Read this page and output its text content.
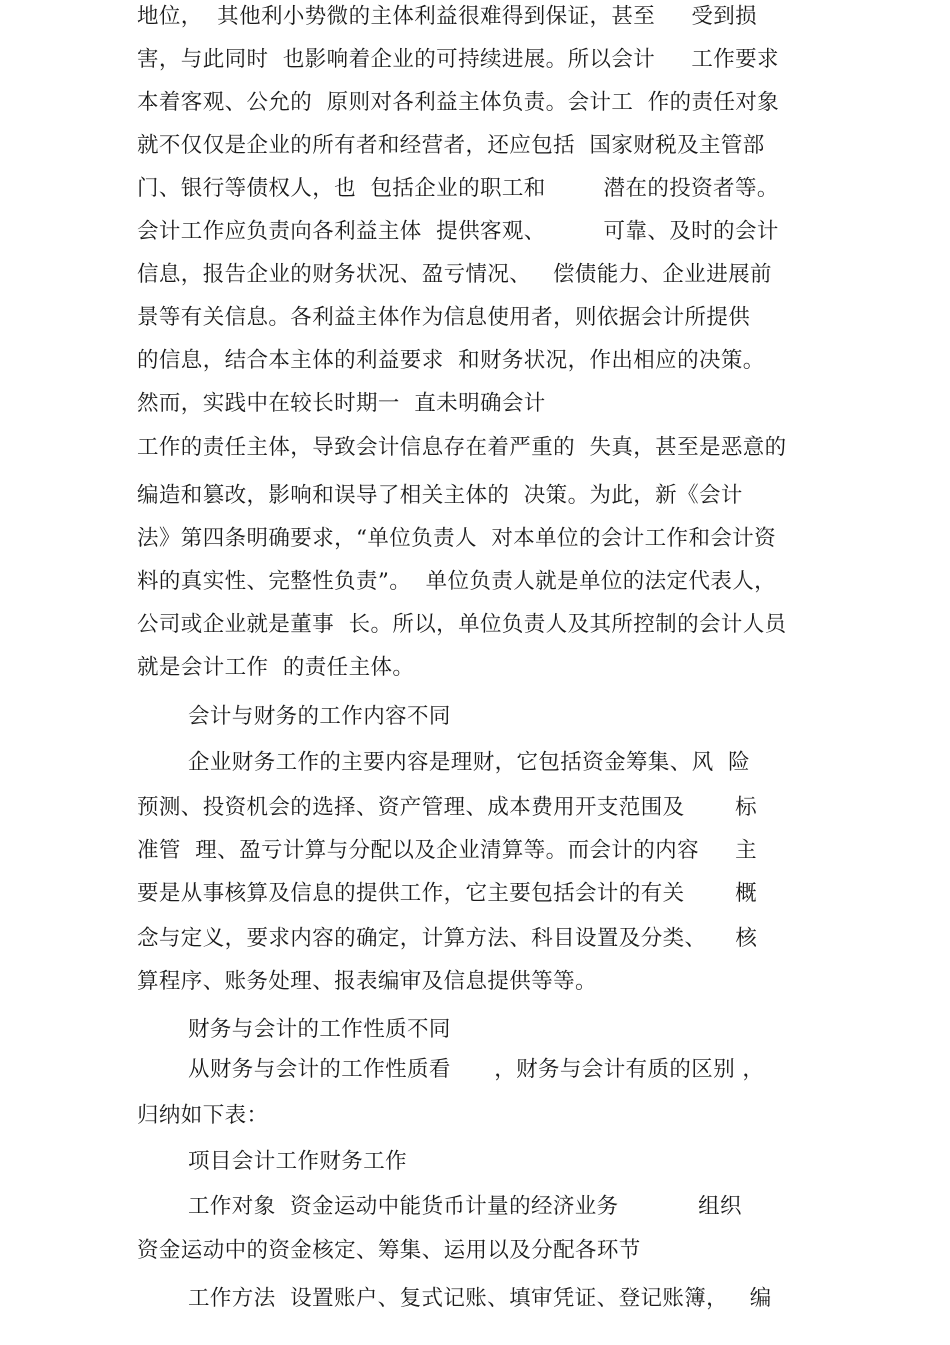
地位，  其他利小势微的主体利益很难得到保证，甚至     受到损
害，与此同时  也影响着企业的可持续进展。所以会计     工作要求
本着客观、公允的  原则对各利益主体负责。会计工  作的责任对象
就不仅仅是企业的所有者和经营者，还应包括  国家财税及主管部
门、银行等债权人，也  包括企业的职工和        潜在的投资者等。
会计工作应负责向各利益主体  提供客观、        可靠、及时的会计
信息，报告企业的财务状况、盈亏情况、   偿债能力、企业进展前
景等有关信息。各利益主体作为信息使用者，则依据会计所提供
的信息，结合本主体的利益要求  和财务状况，作出相应的决策。
然而，实践中在较长时期一  直未明确会计
工作的责任主体，导致会计信息存在着严重的  失真，甚至是恶意的
编造和篡改，影响和误导了相关主体的  决策。为此，新《会计
法》第四条明确要求，“单位负责人  对本单位的会计工作和会计资
料的真实性、完整性负责”。  单位负责人就是单位的法定代表人，
公司或企业就是董事  长。所以，单位负责人及其所控制的会计人员
就是会计工作  的责任主体。
会计与财务的工作内容不同
企业财务工作的主要内容是理财，它包括资金筹集、风  险
预测、投资机会的选择、资产管理、成本费用开支范围及       标
准管  理、盈亏计算与分配以及企业清算等。而会计的内容     主
要是从事核算及信息的提供工作，它主要包括会计的有关       概
念与定义，要求内容的确定，计算方法、科目设置及分类、    核
算程序、账务处理、报表编审及信息提供等等。
财务与会计的工作性质不同
从财务与会计的工作性质看      ，财务与会计有质的区别 ，
归纳如下表：
项目会计工作财务工作
工作对象  资金运动中能货币计量的经济业务           组织
资金运动中的资金核定、筹集、运用以及分配各环节
工作方法  设置账户、复式记账、填审凭证、登记账簿，   编
